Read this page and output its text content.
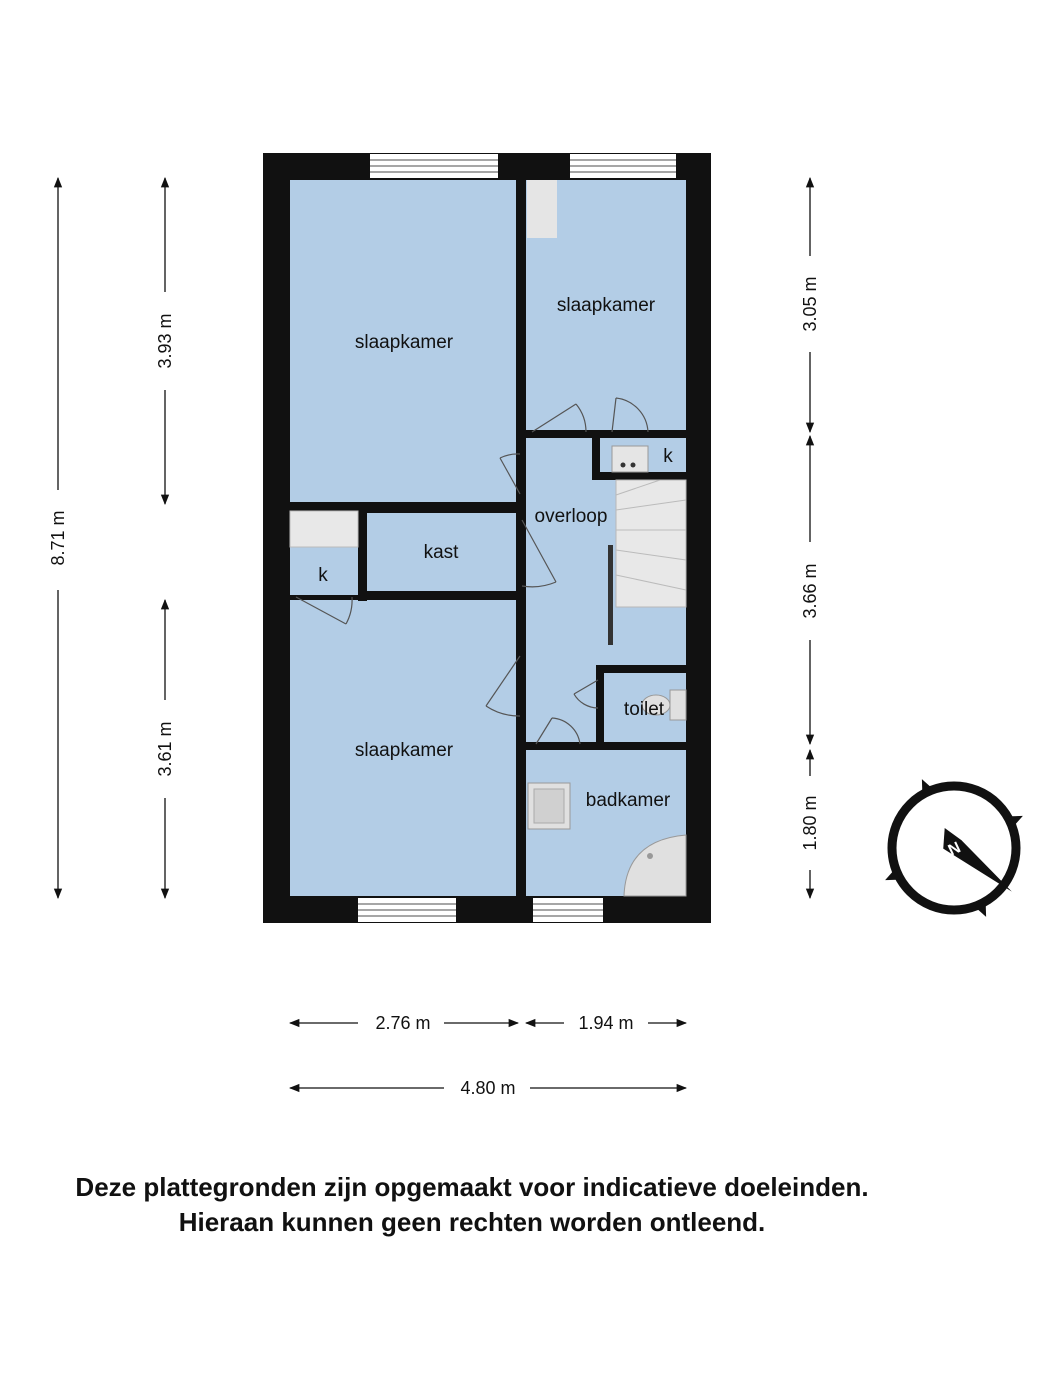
slaapkamer
slaapkamer
kast
k
k
overloop
toilet
slaapkamer
badkamer
8.71 m
3.93 m
3.61 m
3.05 m
3.66 m
1.80 m
2.76 m	1.94 m
4.80 m
N
Deze plattegronden zijn opgemaakt voor indicatieve doeleinden.
Hieraan kunnen geen rechten worden ontleend.
